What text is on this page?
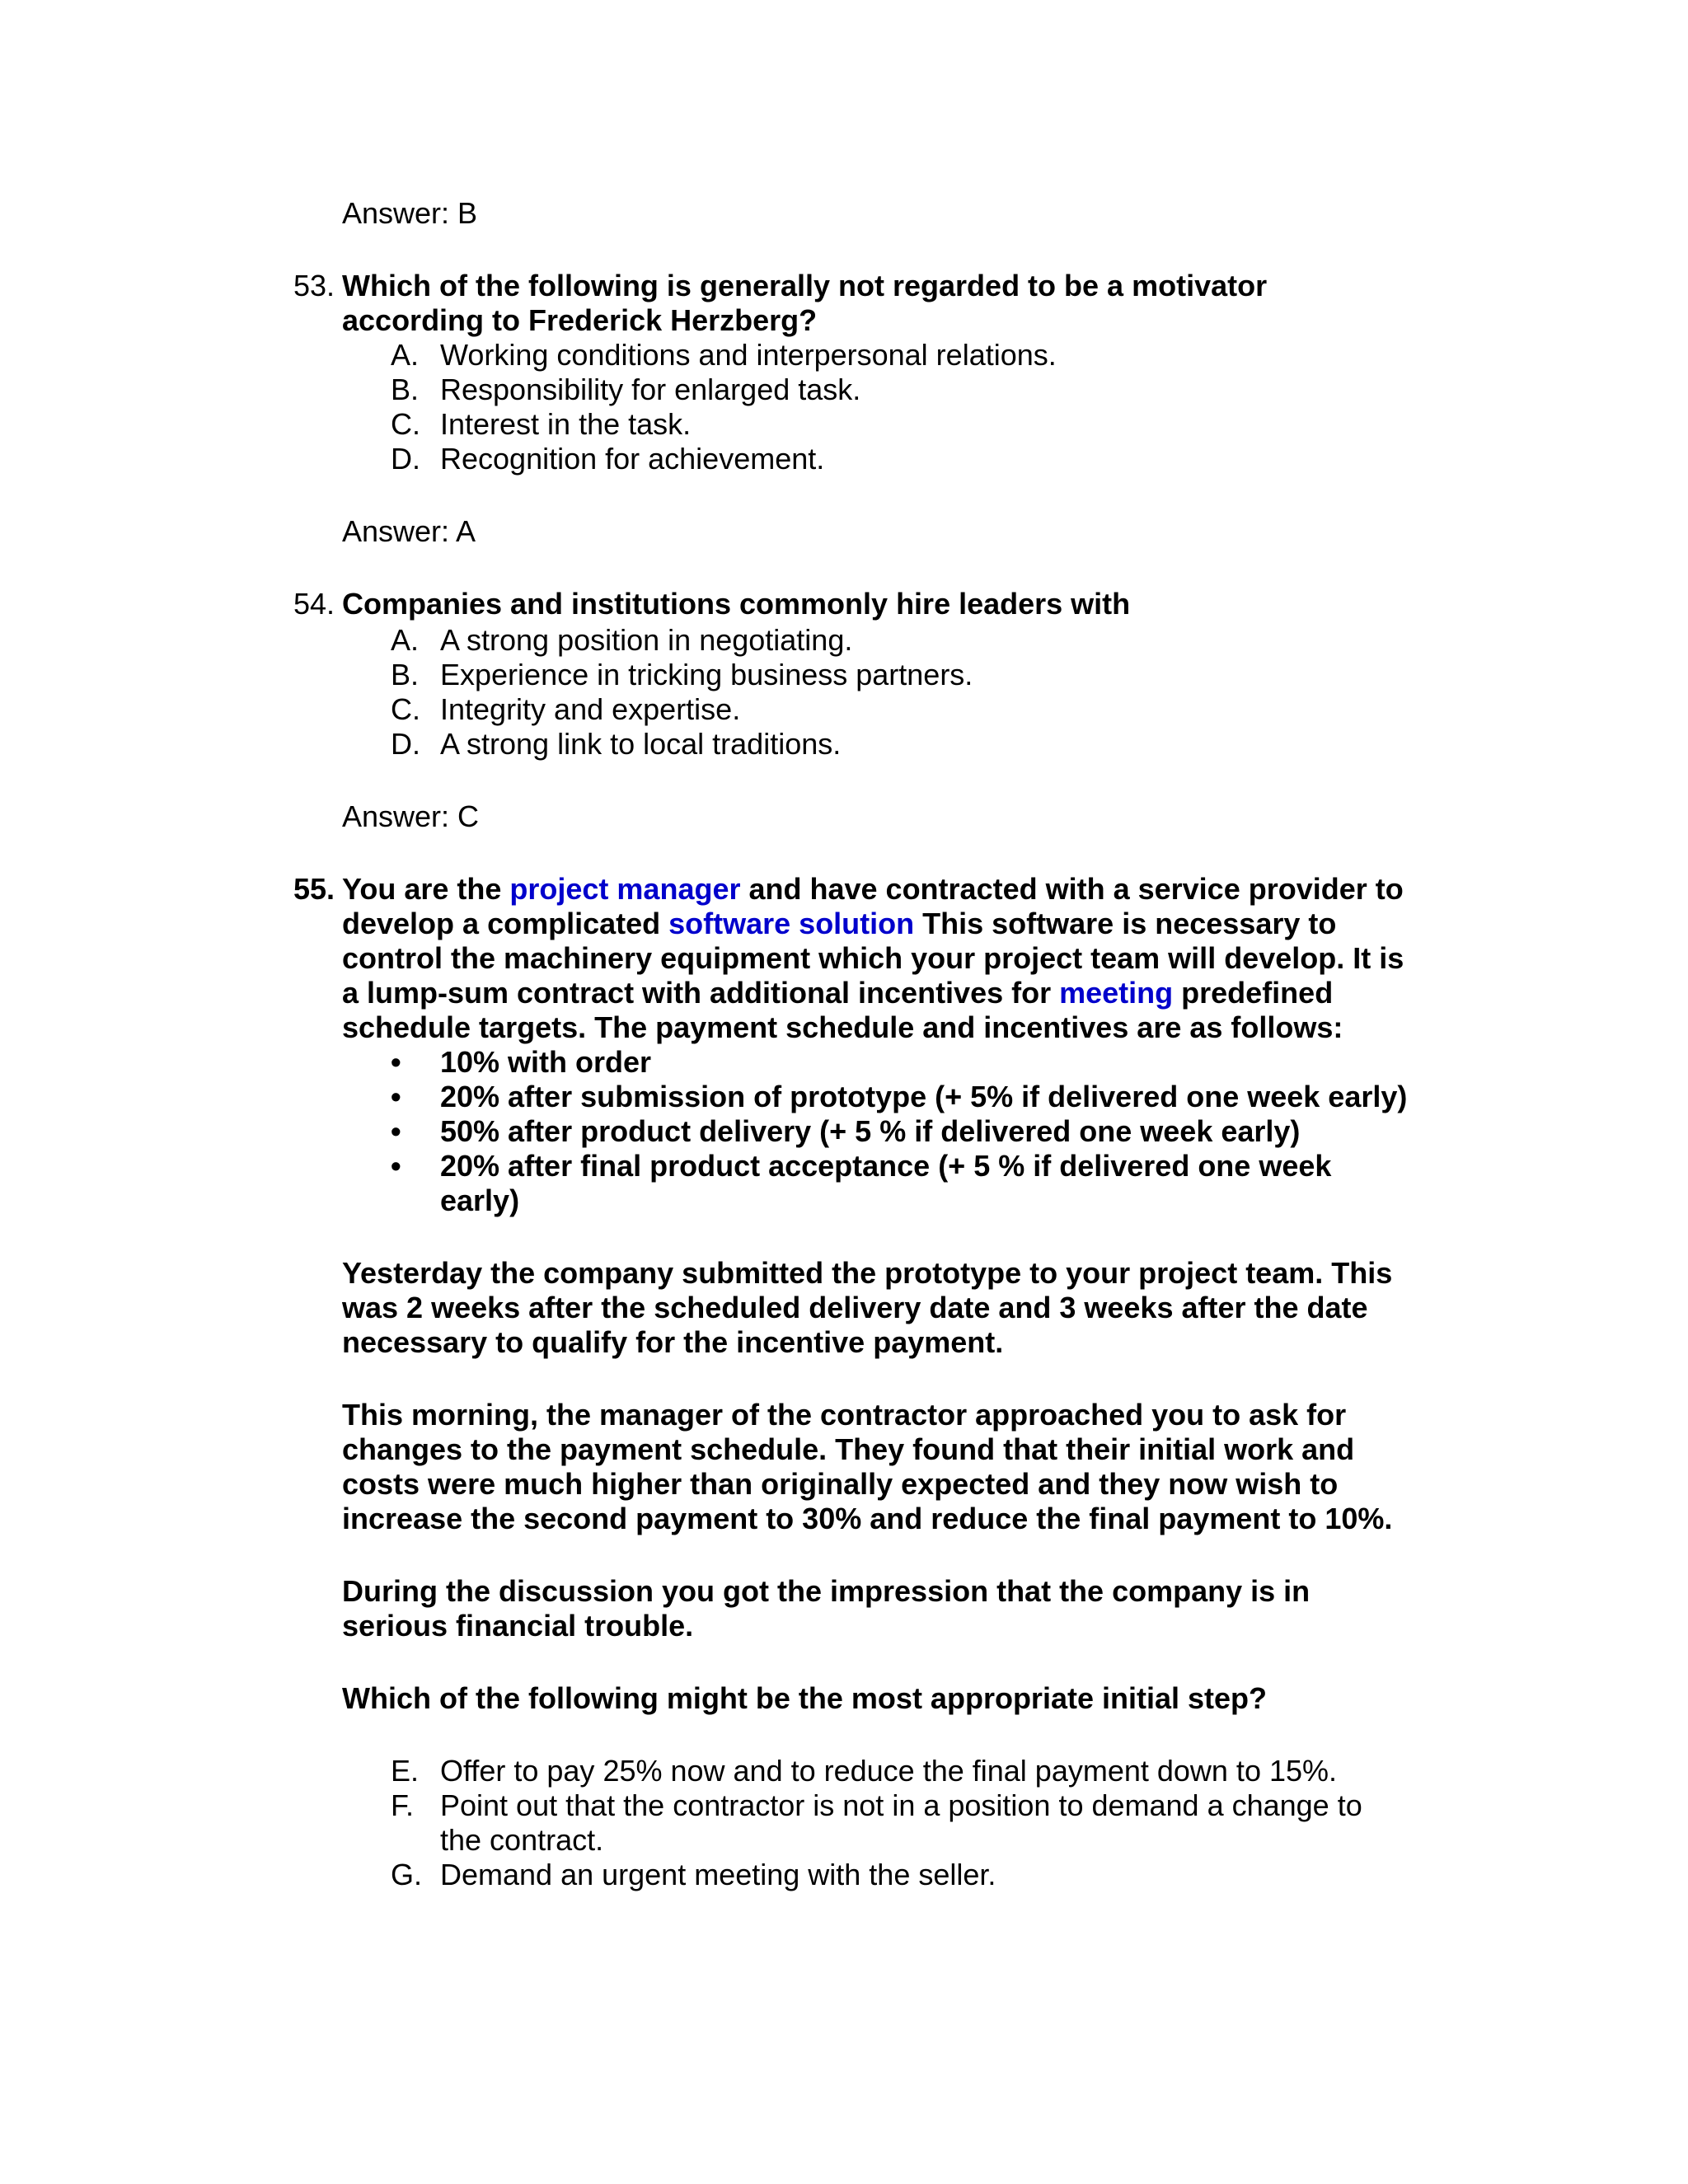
Answer: B
53. Which of the following is generally not regarded to be a motivator
according to Frederick Herzberg?
A. Working conditions and interpersonal relations.
B. Responsibility for enlarged task.
C. Interest in the task.
D. Recognition for achievement.
Answer: A
54. Companies and institutions commonly hire leaders with
A. A strong position in negotiating.
B. Experience in tricking business partners.
C. Integrity and expertise.
D. A strong link to local traditions.
Answer: C
55. You are the project manager and have contracted with a service provider to
develop a complicated software solution This software is necessary to
control the machinery equipment which your project team will develop. It is
a lump-sum contract with additional incentives for meeting predefined
schedule targets. The payment schedule and incentives are as follows:
• 10% with order
• 20% after submission of prototype (+ 5% if delivered one week early)
• 50% after product delivery (+ 5 % if delivered one week early)
• 20% after final product acceptance (+ 5 % if delivered one week
early)
Yesterday the company submitted the prototype to your project team. This
was 2 weeks after the scheduled delivery date and 3 weeks after the date
necessary to qualify for the incentive payment.
This morning, the manager of the contractor approached you to ask for
changes to the payment schedule. They found that their initial work and
costs were much higher than originally expected and they now wish to
increase the second payment to 30% and reduce the final payment to 10%.
During the discussion you got the impression that the company is in
serious financial trouble.
Which of the following might be the most appropriate initial step?
E. Offer to pay 25% now and to reduce the final payment down to 15%.
F. Point out that the contractor is not in a position to demand a change to
the contract.
G. Demand an urgent meeting with the seller.
